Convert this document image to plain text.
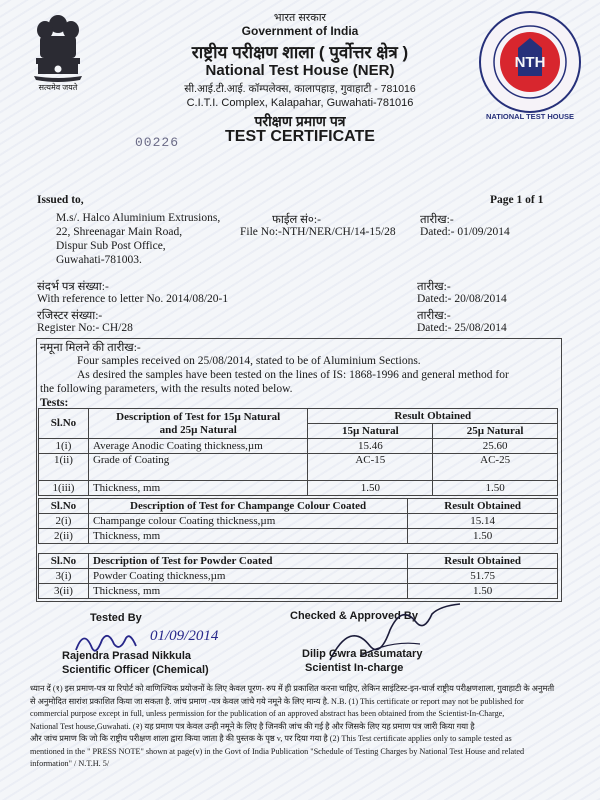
सत्यमेव जयते
भारत सरकार
Government of India
राष्ट्रीय परीक्षण शाला ( पुर्वोत्तर क्षेत्र )
National Test House (NER)
सी.आई.टी.आई. कॉम्पलेक्स, कालापहाड़, गुवाहाटी - 781016
C.I.T.I. Complex, Kalapahar, Guwahati-781016
परीक्षण प्रमाण पत्र
TEST CERTIFICATE
00226
NTH
NATIONAL TEST HOUSE
Issued to,
M.s/. Halco Aluminium Extrusions,
22, Shreenagar Main Road,
Dispur Sub Post Office,
Guwahati-781003.
Page 1 of 1
फाईल सं०:-	तारीख:-
File No:-NTH/NER/CH/14-15/28 Dated:- 01/09/2014
संदर्भ पत्र संख्या:-	तारीख:-
With reference to letter No. 2014/08/20-1	Dated:- 20/08/2014
रजिस्टर संख्या:-	तारीख:-
Register No:- CH/28	Dated:- 25/08/2014
नमूना मिलने की तारीख:-
Four samples received on 25/08/2014, stated to be of Aluminium Sections.
As desired the samples have been tested on the lines of IS: 1868-1996 and general method for
the following parameters, with the results noted below.
Tests:
Sl.No	Description of Test for 15µ Natural
and 25µ Natural	Result Obtained	
		15µ Natural	25µ Natural
1(i)	Average Anodic Coating thickness,µm	15.46	25.60
1(ii)	Grade of Coating	AC-15	AC-25
1(iii)	Thickness, mm	1.50	1.50
Sl.No	Description of Test for Champange Colour Coated	Result Obtained
2(i)	Champange colour Coating thickness,µm	15.14
2(ii)	Thickness, mm	1.50
Sl.No	Description of Test for Powder Coated	Result Obtained
3(i)	Powder Coating thickness,µm	51.75
3(ii)	Thickness, mm	1.50
Tested By
01/09/2014
Rajendra Prasad Nikkula
Scientific Officer (Chemical)
Checked & Approved By
Dilip Gwra Basumatary
Scientist In-charge
ध्यान दें (१) इस प्रमाण-पत्र या रिपोर्ट को वाणिज्यिक प्रयोजनों के लिए केवल पूरण- रुप में ही प्रकाशित करना चाहिए, लेकिन साइंटिस्ट-इन-चार्ज राष्ट्रीय परीक्षणशाला, गुवाहाटी के अनुमती
से अनुमोदित सारांश प्रकाशित किया जा सकता है. जांच प्रमाण -पत्र केवल जांचे गये नमूने के लिए मान्य है. N.B. (1) This certificate or report may not be published for
commercial purpose except in full, unless permission for the publication of an approved abstract has been obtained from the Scientist-In-Charge,
National Test house,Guwahati. (२) यह प्रमाण पत्र केवल उन्ही नमूने के लिए है जिनकी जांच की गई है और जिसके लिए यह प्रमाण पत्र जारी किया गया है
और जांच प्रमाण कि जो कि राष्ट्रीय परीक्षण शाला द्वारा किया जाता है की पुस्तक के पृष्ठ v, पर दिया गया है (2) This Test certificate applies only to sample tested as
mentioned in the " PRESS NOTE" shown at page(v) in the Govt of India Publication "Schedule of Testing Charges by National Test House and related
information" / N.T.H. 5/
